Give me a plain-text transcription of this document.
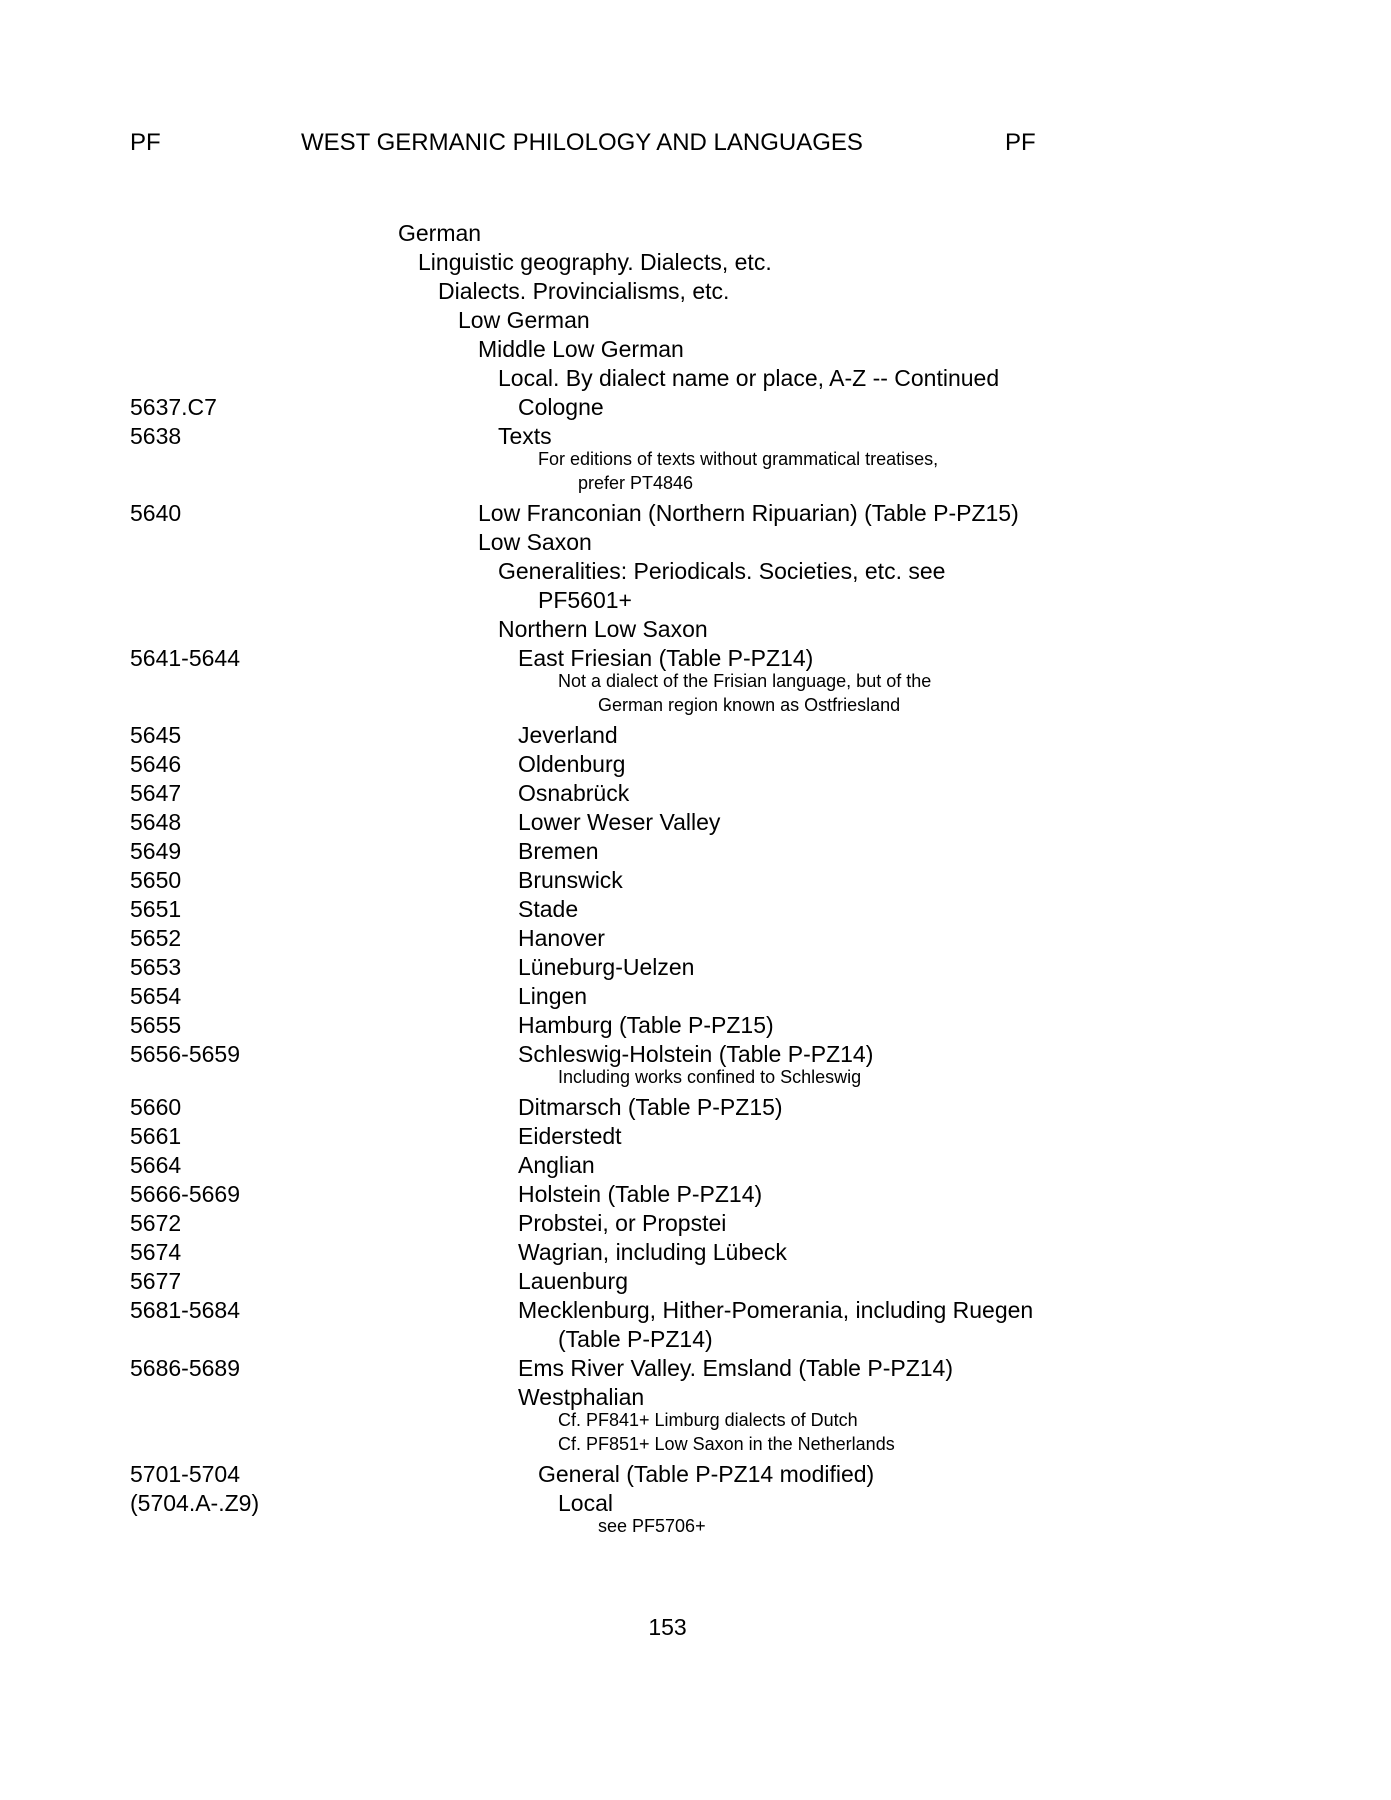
PF	WEST GERMANIC PHILOLOGY AND LANGUAGES	PF
German
Linguistic geography. Dialects, etc.
Dialects. Provincialisms, etc.
Low German
Middle Low German
Local. By dialect name or place, A-Z -- Continued
5637.C7	Cologne
5638	Texts
For editions of texts without grammatical treatises,
prefer PT4846
5640	Low Franconian (Northern Ripuarian) (Table P-PZ15)
Low Saxon
Generalities: Periodicals. Societies, etc. see
PF5601+
Northern Low Saxon
5641-5644	East Friesian (Table P-PZ14)
Not a dialect of the Frisian language, but of the
German region known as Ostfriesland
5645	Jeverland
5646	Oldenburg
5647	Osnabrück
5648	Lower Weser Valley
5649	Bremen
5650	Brunswick
5651	Stade
5652	Hanover
5653	Lüneburg-Uelzen
5654	Lingen
5655	Hamburg (Table P-PZ15)
5656-5659	Schleswig-Holstein (Table P-PZ14)
Including works confined to Schleswig
5660	Ditmarsch (Table P-PZ15)
5661	Eiderstedt
5664	Anglian
5666-5669	Holstein (Table P-PZ14)
5672	Probstei, or Propstei
5674	Wagrian, including Lübeck
5677	Lauenburg
5681-5684	Mecklenburg, Hither-Pomerania, including Ruegen
(Table P-PZ14)
5686-5689	Ems River Valley. Emsland (Table P-PZ14)
Westphalian
Cf. PF841+ Limburg dialects of Dutch
Cf. PF851+ Low Saxon in the Netherlands
5701-5704	General (Table P-PZ14 modified)
(5704.A-.Z9)	Local
see PF5706+
153
